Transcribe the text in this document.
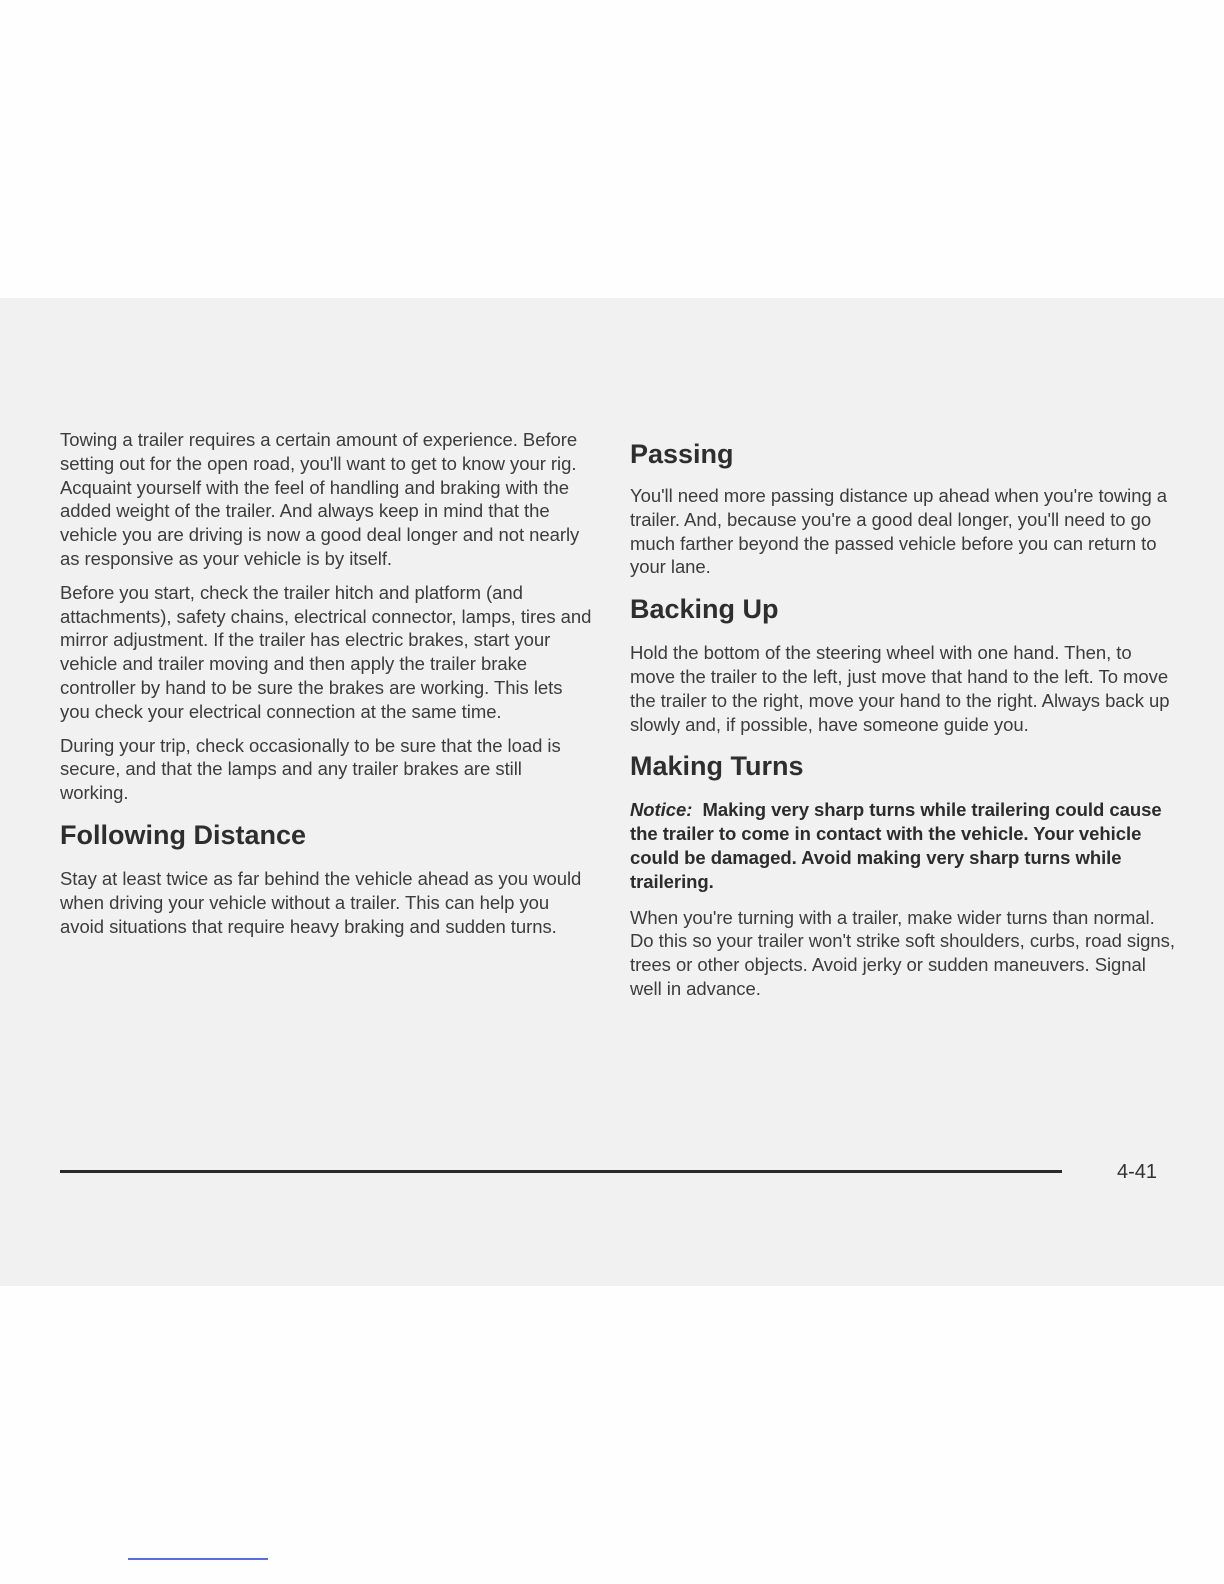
Towing a trailer requires a certain amount of experience. Before setting out for the open road, you'll want to get to know your rig. Acquaint yourself with the feel of handling and braking with the added weight of the trailer. And always keep in mind that the vehicle you are driving is now a good deal longer and not nearly as responsive as your vehicle is by itself.

Before you start, check the trailer hitch and platform (and attachments), safety chains, electrical connector, lamps, tires and mirror adjustment. If the trailer has electric brakes, start your vehicle and trailer moving and then apply the trailer brake controller by hand to be sure the brakes are working. This lets you check your electrical connection at the same time.

During your trip, check occasionally to be sure that the load is secure, and that the lamps and any trailer brakes are still working.

Following Distance

Stay at least twice as far behind the vehicle ahead as you would when driving your vehicle without a trailer. This can help you avoid situations that require heavy braking and sudden turns.

Passing

You'll need more passing distance up ahead when you're towing a trailer. And, because you're a good deal longer, you'll need to go much farther beyond the passed vehicle before you can return to your lane.

Backing Up

Hold the bottom of the steering wheel with one hand. Then, to move the trailer to the left, just move that hand to the left. To move the trailer to the right, move your hand to the right. Always back up slowly and, if possible, have someone guide you.

Making Turns

Notice: Making very sharp turns while trailering could cause the trailer to come in contact with the vehicle. Your vehicle could be damaged. Avoid making very sharp turns while trailering.

When you're turning with a trailer, make wider turns than normal. Do this so your trailer won't strike soft shoulders, curbs, road signs, trees or other objects. Avoid jerky or sudden maneuvers. Signal well in advance.

4-41
